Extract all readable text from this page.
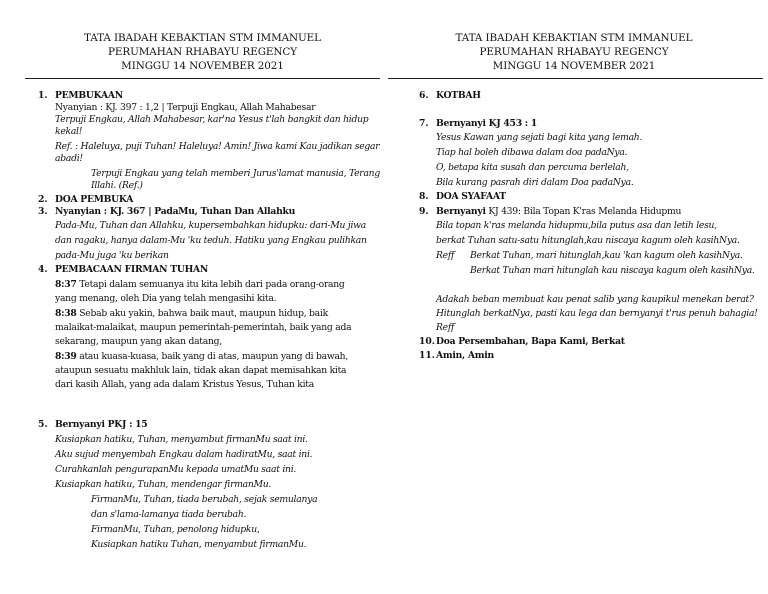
TATA IBADAH KEBAKTIAN STM IMMANUEL
PERUMAHAN RHABAYU REGENCY
MINGGU 14 NOVEMBER 2021
1. PEMBUKAAN
Nyanyian : KJ. 397 : 1,2 | Terpuji Engkau, Allah Mahabesar
Terpuji Engkau, Allah Mahabesar, kar'na Yesus t'lah bangkit dan hidup
kekal!
Ref. : Haleluya, puji Tuhan! Haleluya! Amin! Jiwa kami Kau jadikan segar
abadi!
Terpuji Engkau yang telah memberi Jurus'lamat manusia, Terang
Illahi. (Ref.)
2. DOA PEMBUKA
3. Nyanyian : KJ. 367 | PadaMu, Tuhan Dan Allahku
Pada-Mu, Tuhan dan Allahku, kupersembahkan hidupku: dari-Mu jiwa
dan ragaku, hanya dalam-Mu 'ku teduh. Hatiku yang Engkau pulihkan
pada-Mu juga 'ku berikan
4. PEMBACAAN FIRMAN TUHAN
8:37 Tetapi dalam semuanya itu kita lebih dari pada orang-orang
yang menang, oleh Dia yang telah mengasihi kita.
8:38 Sebab aku yakin, bahwa baik maut, maupun hidup, baik
malaikat-malaikat, maupun pemerintah-pemerintah, baik yang ada
sekarang, maupun yang akan datang,
8:39 atau kuasa-kuasa, baik yang di atas, maupun yang di bawah,
ataupun sesuatu makhluk lain, tidak akan dapat memisahkan kita
dari kasih Allah, yang ada dalam Kristus Yesus, Tuhan kita
5. Bernyanyi PKJ : 15
Kusiapkan hatiku, Tuhan, menyambut firmanMu saat ini.
Aku sujud menyembah Engkau dalam hadiratMu, saat ini.
Curahkanlah pengurapanMu kepada umatMu saat ini.
Kusiapkan hatiku, Tuhan, mendengar firmanMu.
FirmanMu, Tuhan, tiada berubah, sejak semulanya
dan s'lama-lamanya tiada berubah.
FirmanMu, Tuhan, penolong hidupku,
Kusiapkan hatiku Tuhan, menyambut firmanMu.
TATA IBADAH KEBAKTIAN STM IMMANUEL
PERUMAHAN RHABAYU REGENCY
MINGGU 14 NOVEMBER 2021
6. KOTBAH
7. Bernyanyi KJ 453 : 1
Yesus Kawan yang sejati bagi kita yang lemah.
Tiap hal boleh dibawa dalam doa padaNya.
O, betapa kita susah dan percuma berlelah,
Bila kurang pasrah diri dalam Doa padaNya.
8. DOA SYAFAAT
9. Bernyanyi KJ 439: Bila Topan K'ras Melanda Hidupmu
Bila topan k'ras melanda hidupmu,bila putus asa dan letih lesu,
berkat Tuhan satu-satu hitunglah,kau niscaya kagum oleh kasihNya.
Reff Berkat Tuhan, mari hitunglah,kau 'kan kagum oleh kasihNya.
Berkat Tuhan mari hitunglah kau niscaya kagum oleh kasihNya.
Adakah beban membuat kau penat salib yang kaupikul menekan berat?
Hitunglah berkatNya, pasti kau lega dan bernyanyi t'rus penuh bahagia!
Reff
10. Doa Persembahan, Bapa Kami, Berkat
11. Amin, Amin
